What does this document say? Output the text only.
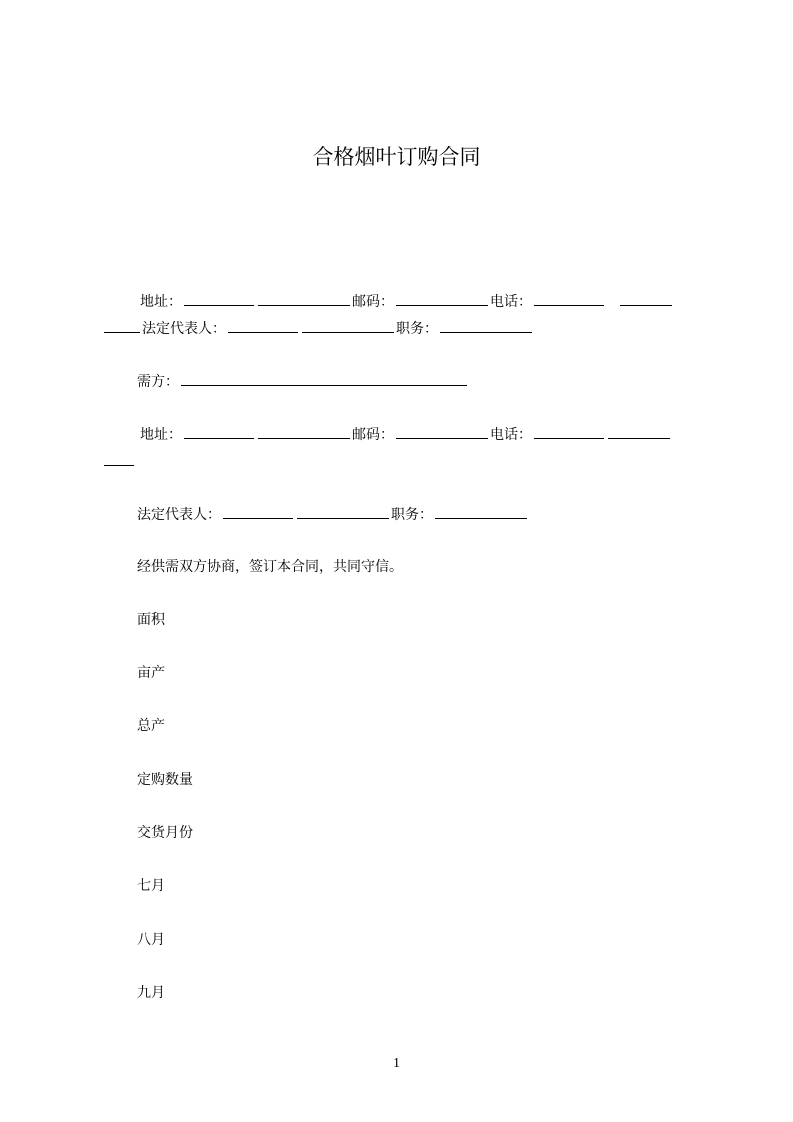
合格烟叶订购合同
地址：	邮码：	电话：
法定代表人：	职务：
需方：
地址：	邮码：	电话：
法定代表人：	职务：
经供需双方协商，签订本合同，共同守信。
面积
亩产
总产
定购数量
交货月份
七月
八月
九月
1
